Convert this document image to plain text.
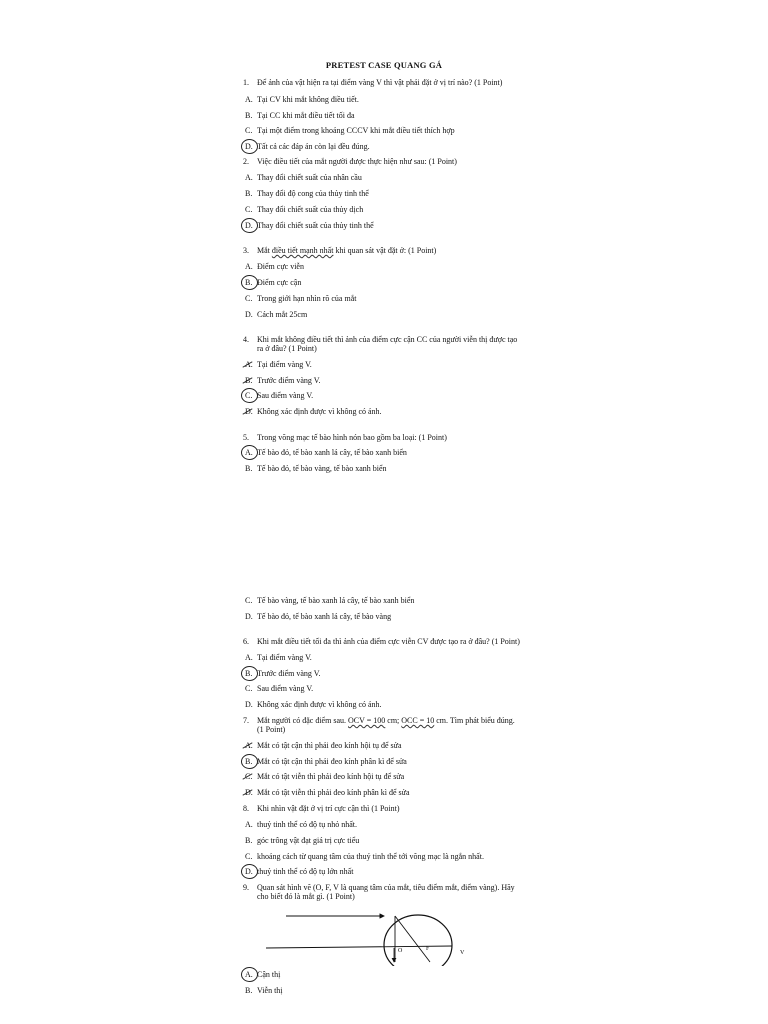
PRETEST CASE QUANG GÁ
1. Để ảnh của vật hiện ra tại điểm vàng V thì vật phải đặt ở vị trí nào? (1 Point)
A. Tại CV khi mắt không điều tiết.
B. Tại CC khi mắt điều tiết tối đa
C. Tại một điểm trong khoảng CCCV khi mắt điều tiết thích hợp
D. Tất cả các đáp án còn lại đều đúng.
2. Việc điều tiết của mắt người được thực hiện như sau: (1 Point)
A. Thay đổi chiết suất của nhân cầu
B. Thay đổi độ cong của thủy tinh thể
C. Thay đổi chiết suất của thủy dịch
D. Thay đổi chiết suất của thủy tinh thể
3. Mắt điều tiết mạnh nhất khi quan sát vật đặt ở: (1 Point)
A. Điểm cực viễn
B. Điểm cực cận
C. Trong giới hạn nhìn rõ của mắt
D. Cách mắt 25cm
4. Khi mắt không điều tiết thì ảnh của điểm cực cận CC của người viễn thị được tạo
ra ở đâu? (1 Point)
A. Tại điểm vàng V.
B. Trước điểm vàng V.
C. Sau điểm vàng V.
D. Không xác định được vì không có ảnh.
5. Trong võng mạc tế bào hình nón bao gồm ba loại: (1 Point)
A. Tế bào đỏ, tế bào xanh lá cây, tế bào xanh biển
B. Tế bào đỏ, tế bào vàng, tế bào xanh biển
C. Tế bào vàng, tế bào xanh lá cây, tế bào xanh biển
D. Tế bào đỏ, tế bào xanh lá cây, tế bào vàng
6. Khi mắt điều tiết tối đa thì ảnh của điểm cực viễn CV được tạo ra ở đâu? (1 Point)
A. Tại điểm vàng V.
B. Trước điểm vàng V.
C. Sau điểm vàng V.
D. Không xác định được vì không có ảnh.
7. Mắt người có đặc điểm sau. OCV = 100 cm; OCC = 10 cm. Tìm phát biểu đúng.
(1 Point)
A. Mắt có tật cận thì phải đeo kính hội tụ để sửa
B. Mắt có tật cận thì phải đeo kính phân kì để sửa
C. Mắt có tật viễn thì phải đeo kính hội tụ để sửa
D. Mắt có tật viễn thì phải đeo kính phân kì để sửa
8. Khi nhìn vật đặt ở vị trí cực cận thì (1 Point)
A. thuỷ tinh thể có độ tụ nhỏ nhất.
B. góc trông vật đạt giá trị cực tiểu
C. khoảng cách từ quang tâm của thuỷ tinh thể tới võng mạc là ngắn nhất.
D. thuỷ tinh thể có độ tụ lớn nhất
9. Quan sát hình vẽ (O, F, V là quang tâm của mắt, tiêu điểm mắt, điểm vàng). Hãy
cho biết đó là mắt gì. (1 Point)
O	F
V
A. Cận thị
B. Viễn thị
